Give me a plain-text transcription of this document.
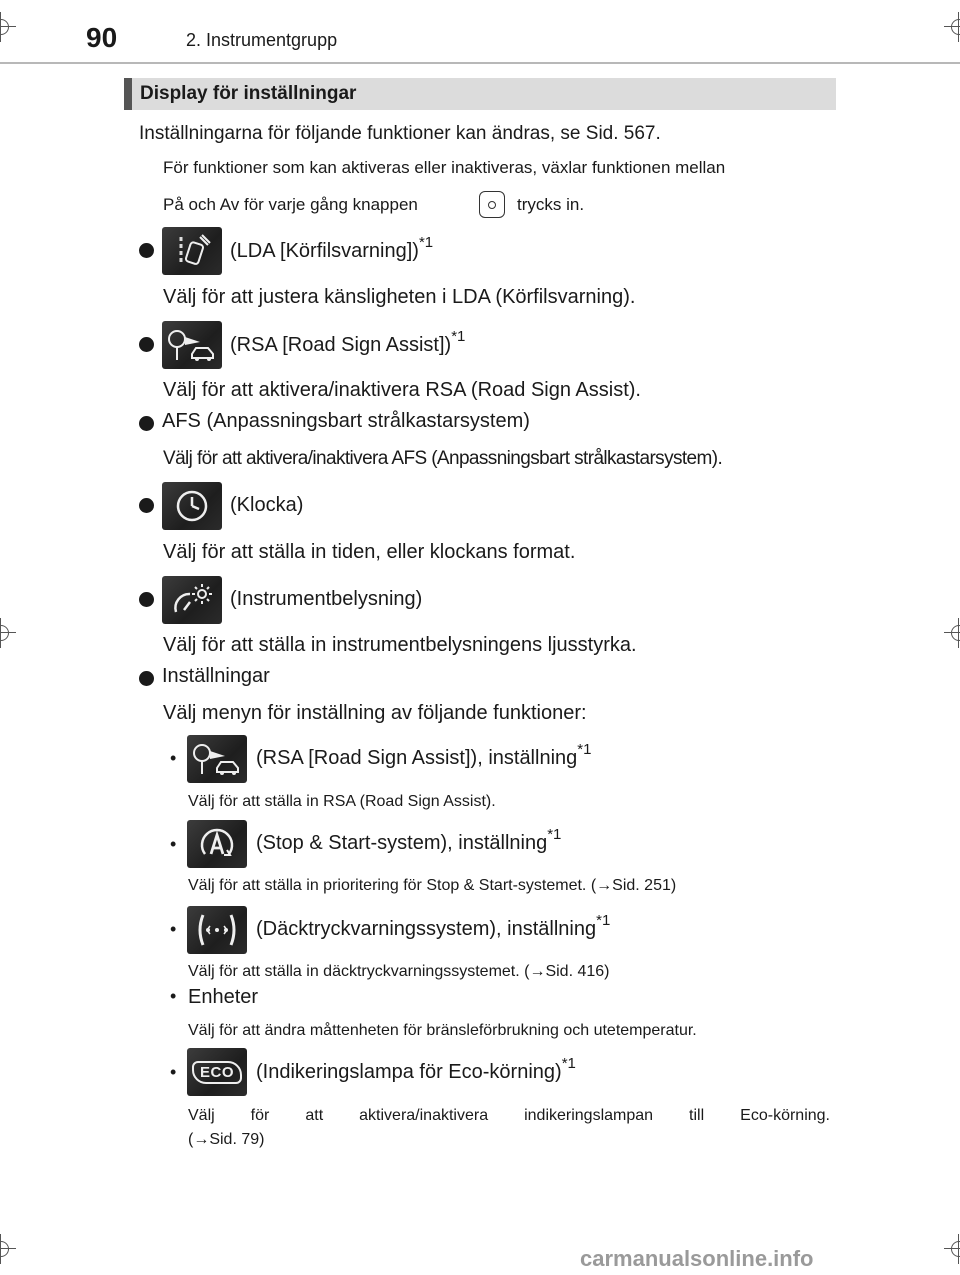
90	2. Instrumentgrupp
Display för inställningar
Inställningarna för följande funktioner kan ändras, se Sid. 567.
För funktioner som kan aktiveras eller inaktiveras, växlar funktionen mellan
På och Av för varje gång knappen	trycks in.
(LDA [Körfilsvarning])$^{*1}$
Välj för att justera känsligheten i LDA (Körfilsvarning).
(RSA [Road Sign Assist])$^{*1}$
Välj för att aktivera/inaktivera RSA (Road Sign Assist).
AFS (Anpassningsbart strålkastarsystem)
Välj för att aktivera/inaktivera AFS (Anpassningsbart strålkastarsystem).
(Klocka)
Välj för att ställa in tiden, eller klockans format.
(Instrumentbelysning)
Välj för att ställa in instrumentbelysningens ljusstyrka.
Inställningar
Välj menyn för inställning av följande funktioner:
•	(RSA [Road Sign Assist]), inställning$^{*1}$
Välj för att ställa in RSA (Road Sign Assist).
•	(Stop & Start-system), inställning$^{*1}$
Välj för att ställa in prioritering för Stop & Start-systemet. (→Sid. 251)
•	(Däcktryckvarningssystem), inställning$^{*1}$
Välj för att ställa in däcktryckvarningssystemet. (→Sid. 416)
• Enheter
Välj för att ändra måttenheten för bränsleförbrukning och utetemperatur.
•	ECO	(Indikeringslampa för Eco-körning)$^{*1}$
Välj för att aktivera/inaktivera indikeringslampan till Eco-körning.
(→Sid. 79)
carmanualsonline.info
